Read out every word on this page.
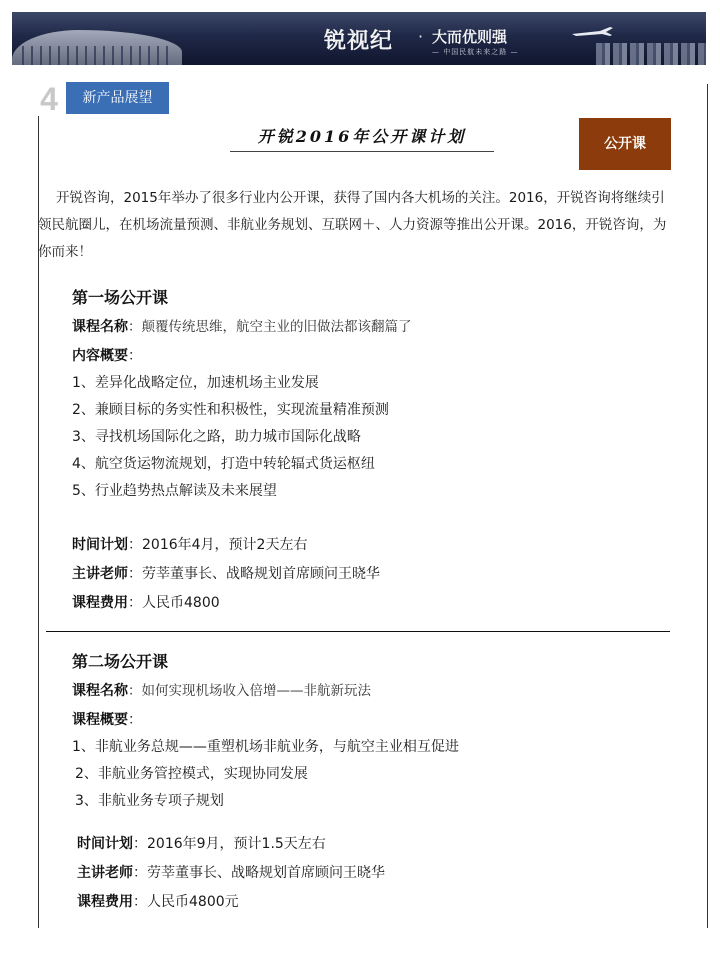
锐视纪 · 大而优则强
— 中国民航未来之路 —
4	新产品展望
开锐2016年公开课计划	公开课
开锐咨询，2015年举办了很多行业内公开课，获得了国内各大机场的关注。2016，开锐咨询将继续引领民航圈儿，在机场流量预测、非航业务规划、互联网＋、人力资源等推出公开课。2016，开锐咨询，为你而来！
第一场公开课
课程名称：颠覆传统思维，航空主业的旧做法都该翻篇了
内容概要：
1、差异化战略定位，加速机场主业发展
2、兼顾目标的务实性和积极性，实现流量精准预测
3、寻找机场国际化之路，助力城市国际化战略
4、航空货运物流规划，打造中转轮辐式货运枢纽
5、行业趋势热点解读及未来展望
时间计划：2016年4月，预计2天左右
主讲老师：劳莘董事长、战略规划首席顾问王晓华
课程费用：人民币4800
第二场公开课
课程名称：如何实现机场收入倍增——非航新玩法
课程概要：
1、非航业务总规——重塑机场非航业务，与航空主业相互促进
2、非航业务管控模式，实现协同发展
3、非航业务专项子规划
时间计划：2016年9月，预计1.5天左右
主讲老师：劳莘董事长、战略规划首席顾问王晓华
课程费用：人民币4800元
